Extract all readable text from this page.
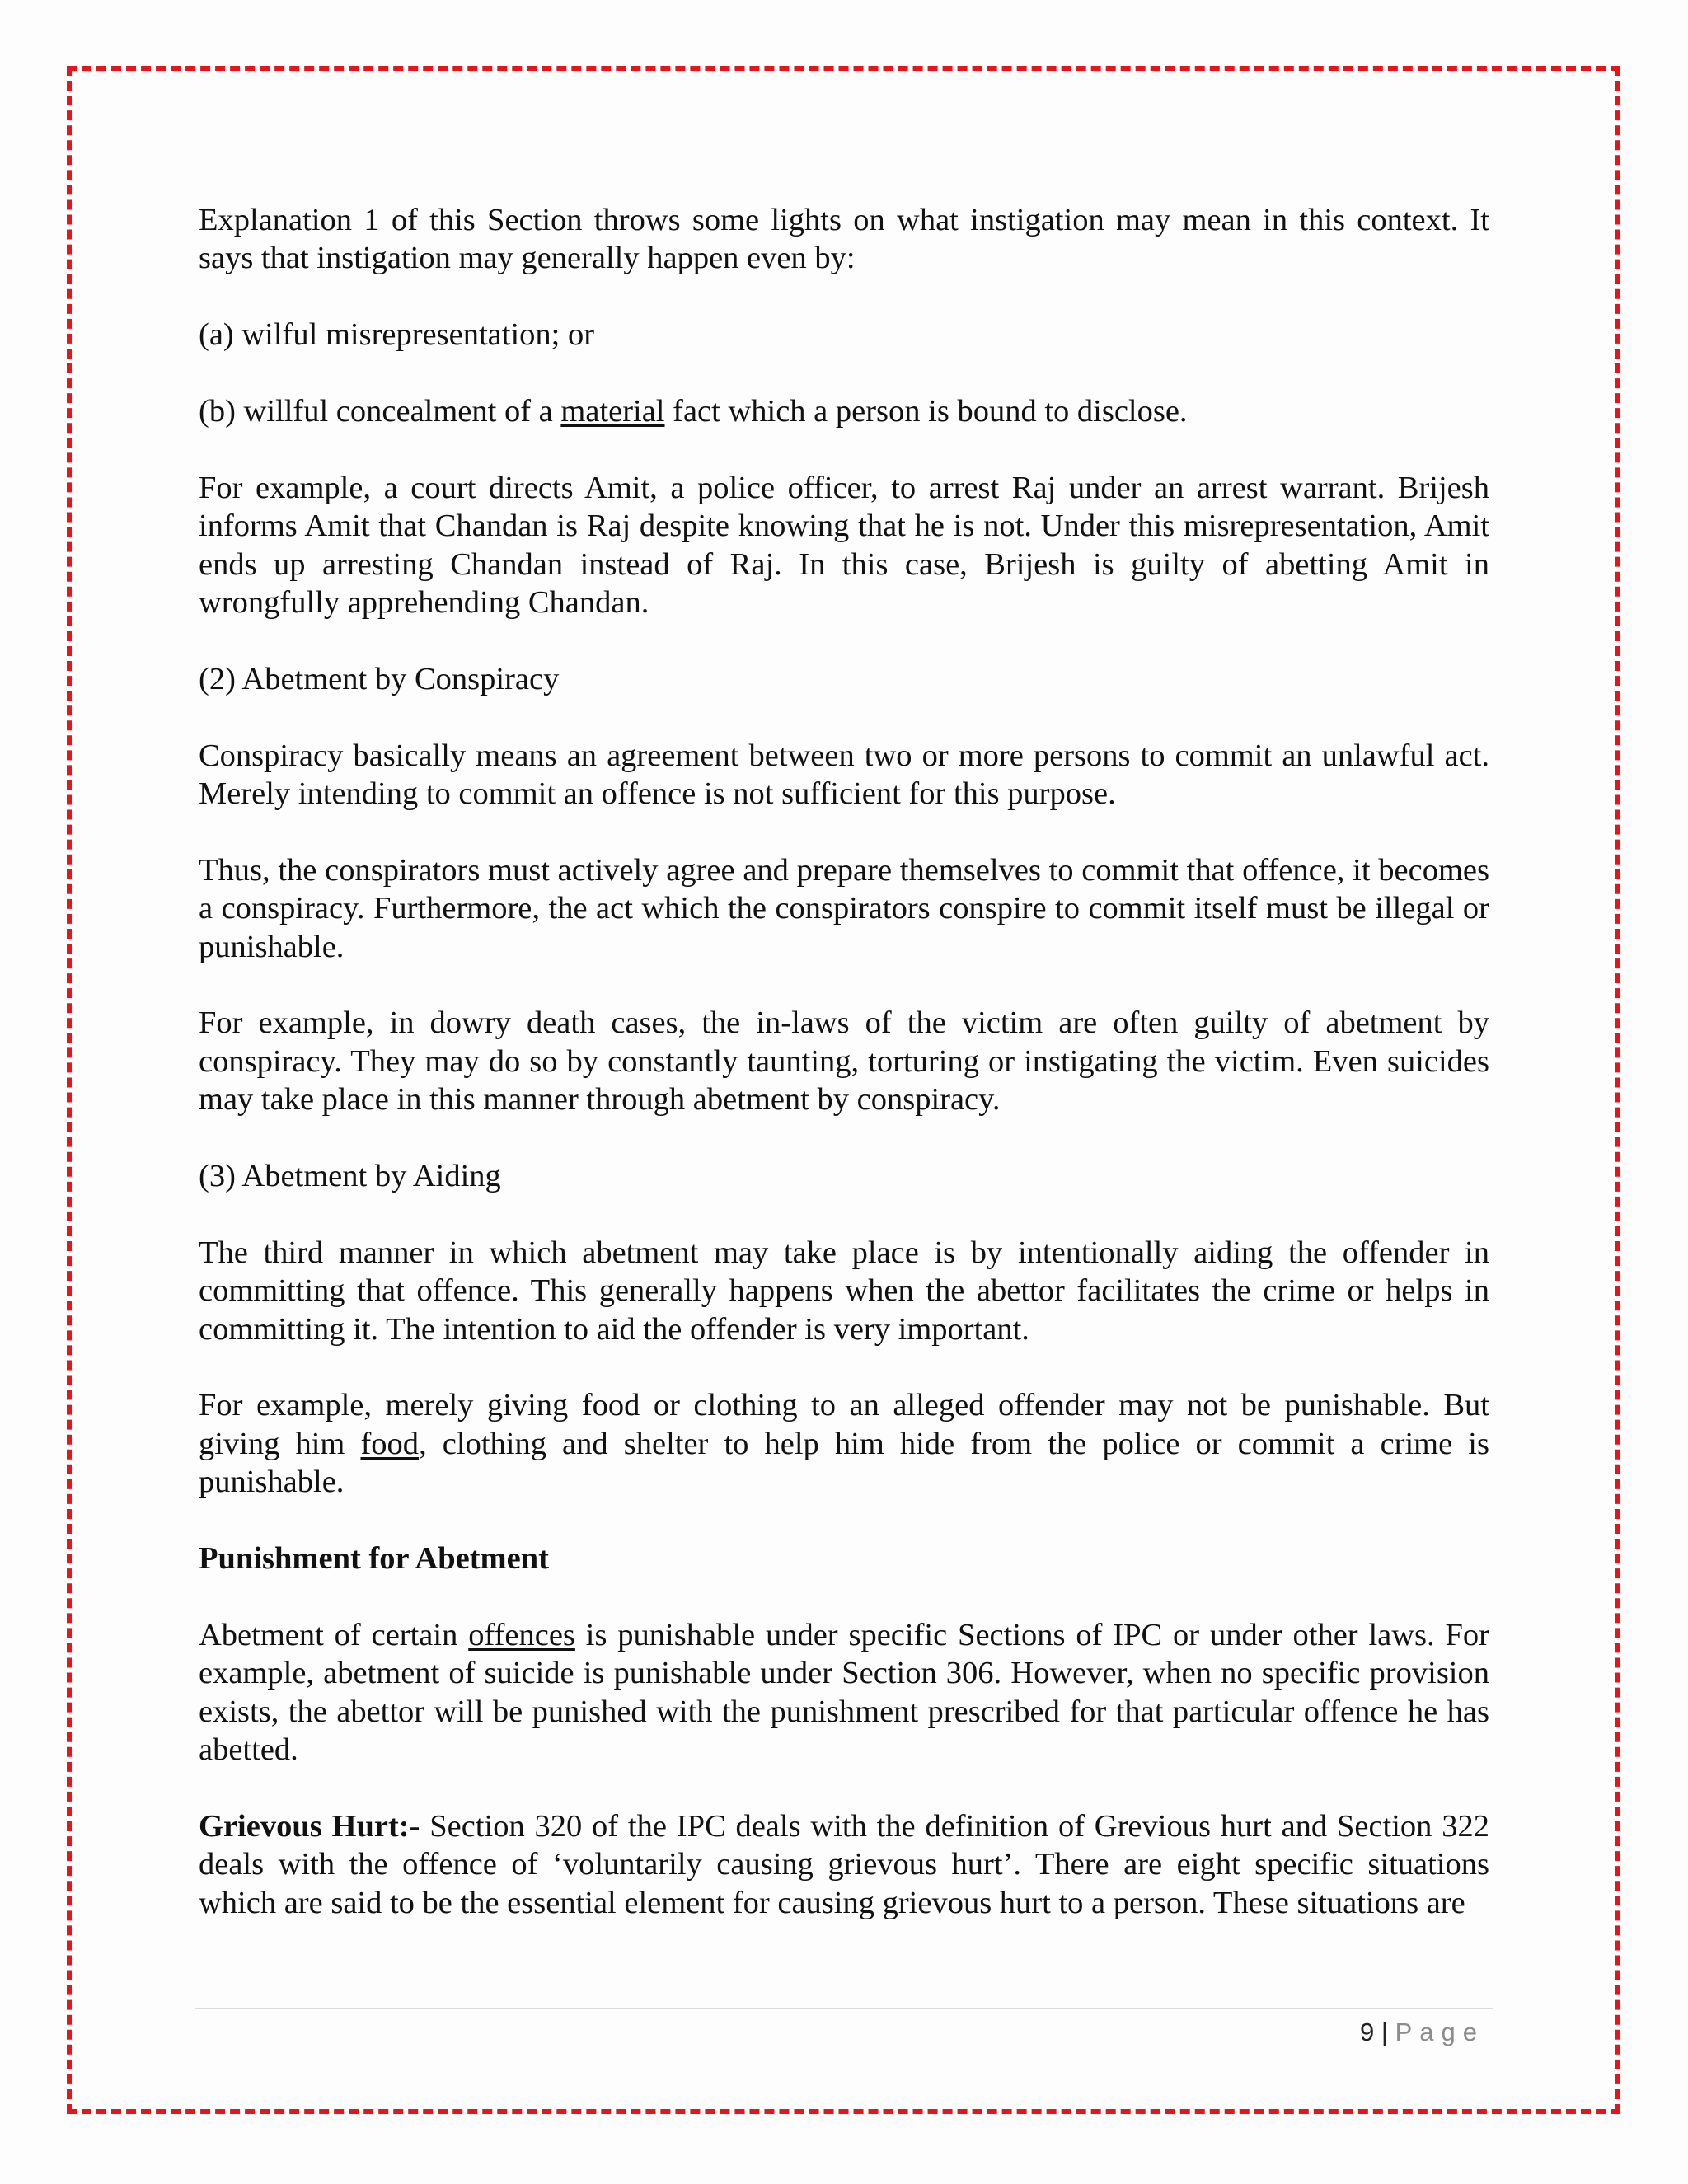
Explanation 1 of this Section throws some lights on what instigation may mean in this context. It says that instigation may generally happen even by:

(a) wilful misrepresentation; or

(b) willful concealment of a material fact which a person is bound to disclose.

For example, a court directs Amit, a police officer, to arrest Raj under an arrest warrant. Brijesh informs Amit that Chandan is Raj despite knowing that he is not. Under this misrepresentation, Amit ends up arresting Chandan instead of Raj. In this case, Brijesh is guilty of abetting Amit in wrongfully apprehending Chandan.

(2) Abetment by Conspiracy

Conspiracy basically means an agreement between two or more persons to commit an unlawful act. Merely intending to commit an offence is not sufficient for this purpose.

Thus, the conspirators must actively agree and prepare themselves to commit that offence, it becomes a conspiracy. Furthermore, the act which the conspirators conspire to commit itself must be illegal or punishable.

For example, in dowry death cases, the in-laws of the victim are often guilty of abetment by conspiracy. They may do so by constantly taunting, torturing or instigating the victim. Even suicides may take place in this manner through abetment by conspiracy.

(3) Abetment by Aiding

The third manner in which abetment may take place is by intentionally aiding the offender in committing that offence. This generally happens when the abettor facilitates the crime or helps in committing it. The intention to aid the offender is very important.

For example, merely giving food or clothing to an alleged offender may not be punishable. But giving him food, clothing and shelter to help him hide from the police or commit a crime is punishable.

Punishment for Abetment

Abetment of certain offences is punishable under specific Sections of IPC or under other laws. For example, abetment of suicide is punishable under Section 306. However, when no specific provision exists, the abettor will be punished with the punishment prescribed for that particular offence he has abetted.

Grievous Hurt:- Section 320 of the IPC deals with the definition of Grevious hurt and Section 322 deals with the offence of ‘voluntarily causing grievous hurt’. There are eight specific situations which are said to be the essential element for causing grievous hurt to a person. These situations are

9 | Page
